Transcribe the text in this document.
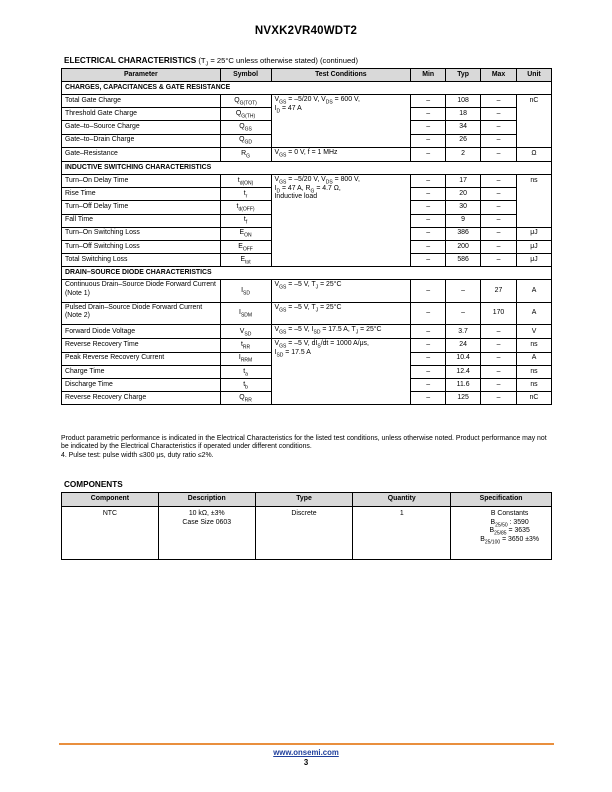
NVXK2VR40WDT2
ELECTRICAL CHARACTERISTICS ($T_J = 25^\circ C$ unless otherwise stated) (continued)
Parameter	Symbol	Test Conditions	Min	Typ	Max	Unit
CHARGES, CAPACITANCES & GATE RESISTANCE						
Total Gate Charge	$Q_{G(TOT)}$	$V_{GS} = -5/20$ V, $V_{DS} = 600$ V,
$I_D = 47$ A	–	108	–	nC
Threshold Gate Charge	$Q_{G(TH)}$		–	18	–	
Gate–to–Source Charge	$Q_{GS}$		–	34	–	
Gate–to–Drain Charge	$Q_{GD}$		–	26	–	
Gate–Resistance	$R_G$	$V_{GS} = 0$ V, f = 1 MHz	–	2	–	Ω
INDUCTIVE SWITCHING CHARACTERISTICS						
Turn–On Delay Time	$t_{d(ON)}$	$V_{GS} = -5/20$ V, $V_{DS} = 800$ V,
$I_D = 47$ A, $R_G = 4.7$ Ω,
Inductive load	–	17	–	ns
Rise Time	$t_r$		–	20	–	
Turn–Off Delay Time	$t_{d(OFF)}$		–	30	–	
Fall Time	$t_f$		–	9	–	
Turn–On Switching Loss	$E_{ON}$		–	386	–	μJ
Turn–Off Switching Loss	$E_{OFF}$		–	200	–	μJ
Total Switching Loss	$E_{tot}$		–	586	–	μJ
DRAIN–SOURCE DIODE CHARACTERISTICS						
Continuous Drain–Source Diode Forward Current (Note 1)	$I_{SD}$	$V_{GS} = -5$ V, $T_J = 25^\circ C$	–	–	27	A
Pulsed Drain–Source Diode Forward Current (Note 2)	$I_{SDM}$	$V_{GS} = -5$ V, $T_J = 25^\circ C$	–	–	170	A
Forward Diode Voltage	$V_{SD}$	$V_{GS} = -5$ V, $I_{SD} = 17.5$ A, $T_J = 25^\circ C$	–	3.7	–	V
Reverse Recovery Time	$t_{RR}$	$V_{GS} = -5$ V, $dI_S/dt = 1000$ A/μs,
$I_{SD} = 17.5$ A	–	24	–	ns
Peak Reverse Recovery Current	$I_{RRM}$		–	10.4	–	A
Charge Time	$t_a$		–	12.4	–	ns
Discharge Time	$t_b$		–	11.6	–	ns
Reverse Recovery Charge	$Q_{RR}$		–	125	–	nC
Product parametric performance is indicated in the Electrical Characteristics for the listed test conditions, unless otherwise noted. Product performance may not be indicated by the Electrical Characteristics if operated under different conditions.
4. Pulse test: pulse width ≤300 μs, duty ratio ≤2%.
COMPONENTS
Component	Description	Type	Quantity	Specification
NTC	10 kΩ, ±3%
Case Size 0603	Discrete	1	B Constants
$B_{25/50}$ : 3590
$B_{25/85} = 3635$
$B_{25/100} = 3650 \pm 3\%$
www.onsemi.com
3
